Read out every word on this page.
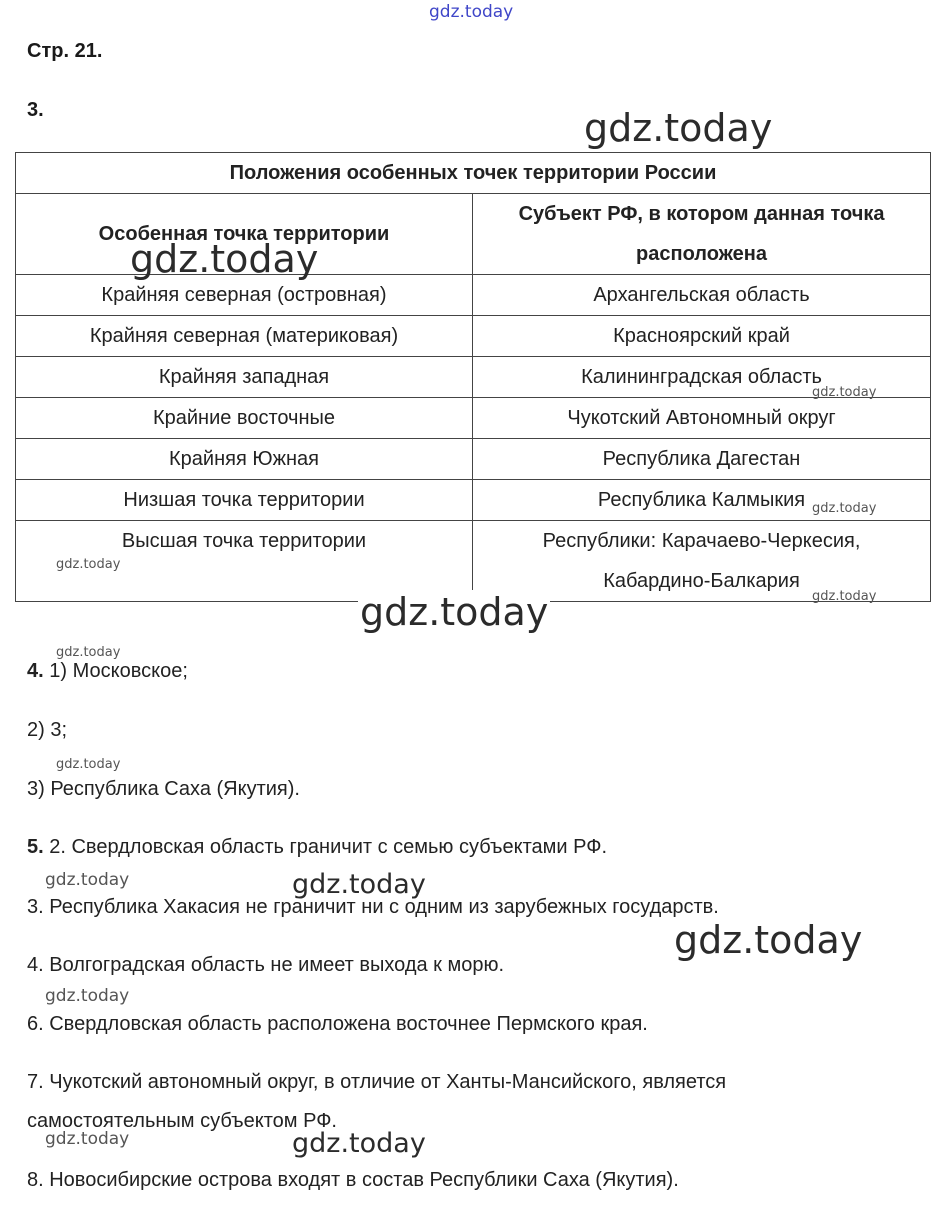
gdz.today
Стр. 21.
3.
Положения особенных точек территории России	
Особенная точка территории	Субъект РФ, в котором данная точка расположена
Крайняя северная (островная)	Архангельская область
Крайняя северная (материковая)	Красноярский край
Крайняя западная	Калининградская область
Крайние восточные	Чукотский Автономный округ
Крайняя Южная	Республика Дагестан
Низшая точка территории	Республика Калмыкия

Высшая точка территории	Республики: Карачаево-Черкесия,
Кабардино-Балкария
4. 1) Московское;
2) 3;
3) Республика Саха (Якутия).
5. 2. Свердловская область граничит с семью субъектами РФ.
3. Республика Хакасия не граничит ни с одним из зарубежных государств.
4. Волгоградская область не имеет выхода к морю.
6. Свердловская область расположена восточнее Пермского края.
7. Чукотский автономный округ, в отличие от Ханты-Мансийского, является
самостоятельным субъектом РФ.
8. Новосибирские острова входят в состав Республики Саха (Якутия).
gdz.today
gdz.today
gdz.today
gdz.today
gdz.today
gdz.today
gdz.today
gdz.today
gdz.today
gdz.today
gdz.today
gdz.today
gdz.today
gdz.today
gdz.today
